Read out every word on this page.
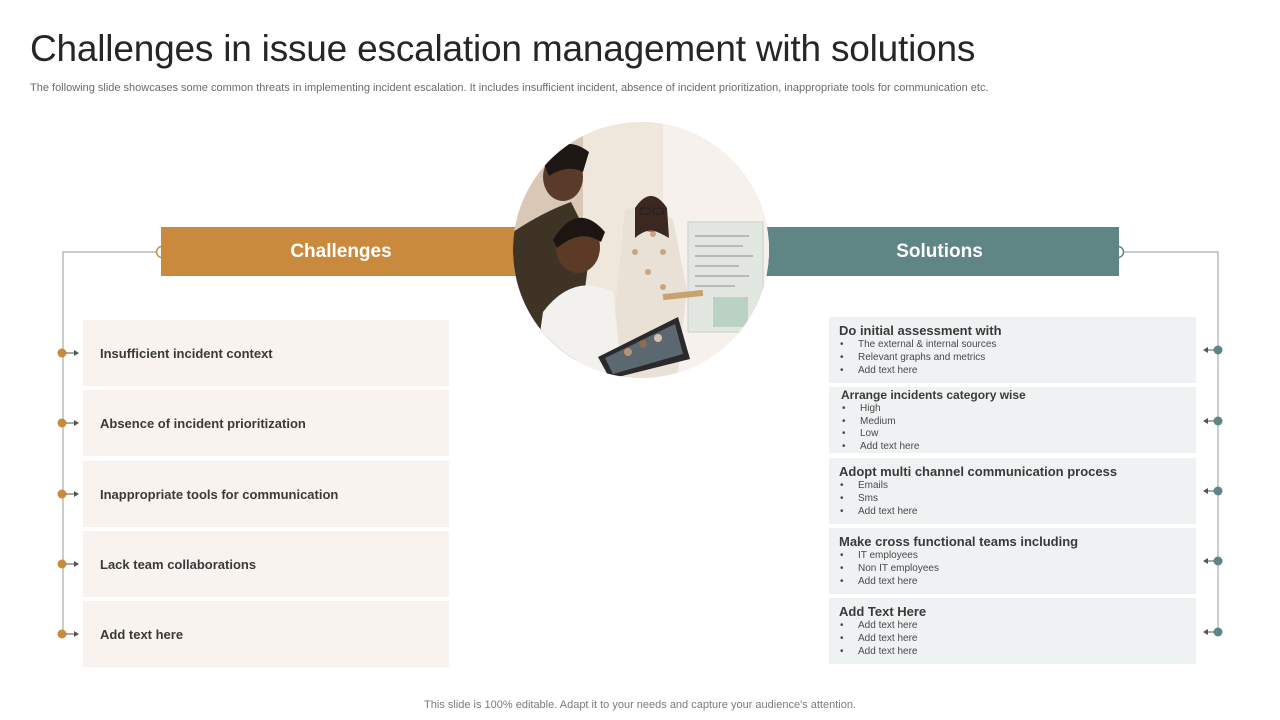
Challenges in issue escalation management with solutions
The following slide showcases some common threats in implementing incident escalation. It includes insufficient incident, absence of incident prioritization, inappropriate tools for communication etc.
Challenges	Solutions
Insufficient incident context
Absence of incident prioritization
Inappropriate tools for communication
Lack team collaborations
Add text here
Do initial assessment with
• The external & internal sources
• Relevant graphs and metrics
• Add text here
Arrange incidents category wise
• High
• Medium
• Low
• Add text here
Adopt multi channel communication process
• Emails
• Sms
• Add text here
Make cross functional teams including
• IT employees
• Non IT employees
• Add text here
Add Text Here
• Add text here
• Add text here
• Add text here
This slide is 100% editable. Adapt it to your needs and capture your audience's attention.
